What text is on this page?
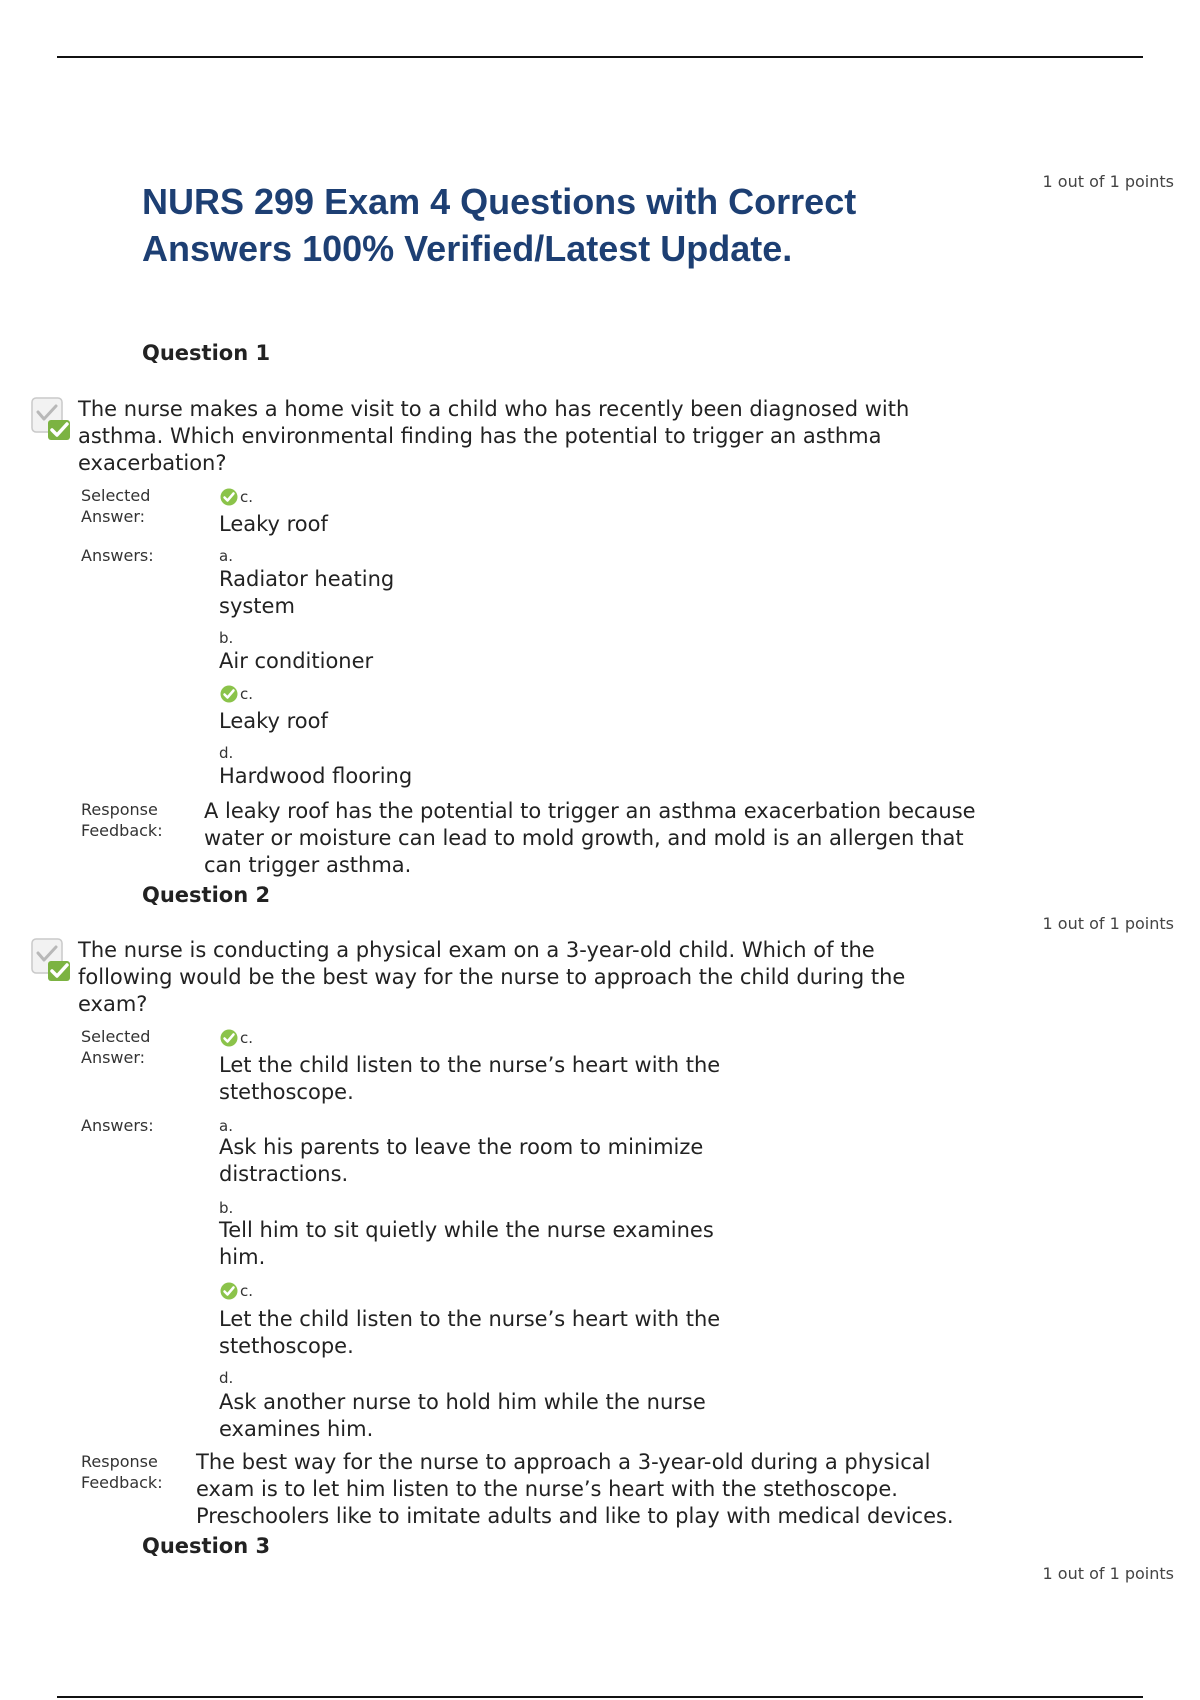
NURS 299 Exam 4 Questions with Correct
Answers 100% Verified/Latest Update.
1 out of 1 points
Question 1
The nurse makes a home visit to a child who has recently been diagnosed with
asthma. Which environmental finding has the potential to trigger an asthma
exacerbation?
Selected
Answer:
c.
Leaky roof
Answers:	a.
Radiator heating
system
b.
Air conditioner
c.
Leaky roof
d.
Hardwood flooring
Response
Feedback:
A leaky roof has the potential to trigger an asthma exacerbation because
water or moisture can lead to mold growth, and mold is an allergen that
can trigger asthma.
Question 2
1 out of 1 points
The nurse is conducting a physical exam on a 3-year-old child. Which of the
following would be the best way for the nurse to approach the child during the
exam?
Selected
Answer:
c.
Let the child listen to the nurse’s heart with the
stethoscope.
Answers:	a.
Ask his parents to leave the room to minimize
distractions.
b.
Tell him to sit quietly while the nurse examines
him.
c.
Let the child listen to the nurse’s heart with the
stethoscope.
d.
Ask another nurse to hold him while the nurse
examines him.
Response
Feedback:
The best way for the nurse to approach a 3-year-old during a physical
exam is to let him listen to the nurse’s heart with the stethoscope.
Preschoolers like to imitate adults and like to play with medical devices.
Question 3
1 out of 1 points
